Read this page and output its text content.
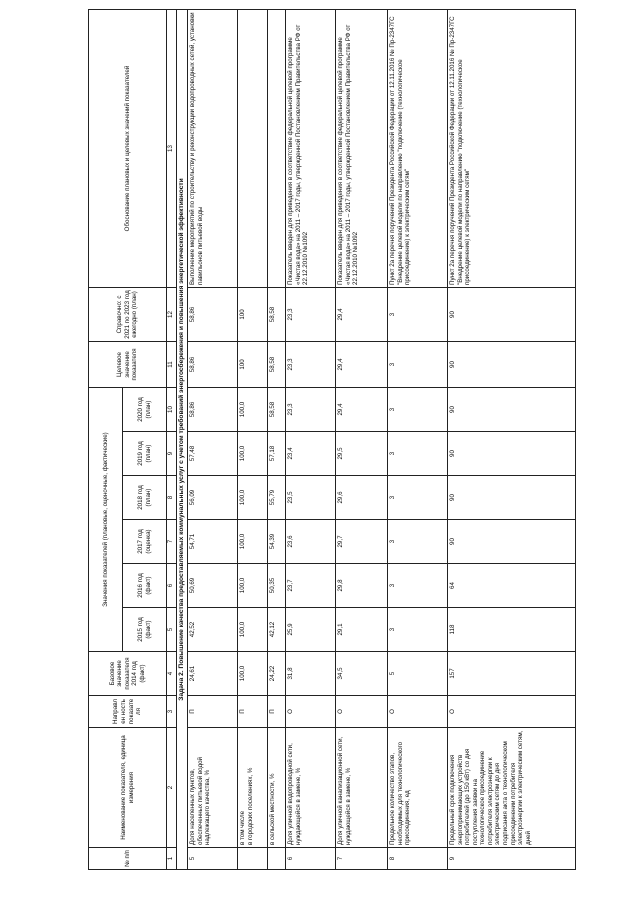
№ п/п	Наименование показателя, единица измерения	Направлен ность показателя	Базовое значение показателя 2014 год (факт)	Значения показателей (плановые, оценочные, фактические)						Целевое значение показателя	Справочно: с 2021 по 2023 год ежегодно (план)	Обоснование плановых и целевых значений показателей
				2015 год (факт)	2016 год (факт)	2017 год (оценка)	2018 год (план)	2019 год (план)	2020 год (план)			
1	2	3	4	5	6	7	8	9	10	11	12	13
Задача 2. Повышение качества предоставляемых коммунальных услуг с учетом требований энергосбережения и повышения энергетической эффективности												
5	Доля населенных пунктов, обеспеченных питьевой водой надлежащего качества, %	П	24,61	42,52	50,69	54,71	56,09	57,48	58,86	58,86	58,86	Выполнение мероприятий по строительству и реконструкции водопроводных сетей, установки павильонов питьевой воды
	в том числе
в городских поселениях, %	П	100,0	100,0	100,0	100,0	100,0	100,0	100,0	100	100	
	в сельской местности, %	П	24,22	42,12	50,35	54,39	55,79	57,18	58,58	58,58	58,58	
6	Доля уличной водопроводной сети, нуждающейся в замене, %	О	31,8	25,9	23,7	23,6	23,5	23,4	23,3	23,3	23,3	Показатель введен для приведения в соответствие федеральной целевой программе «Чистая вода» на 2011 – 2017 годы, утвержденной Постановлением Правительства РФ от 22.12.2010 №1092
7	Доля уличной канализационной сети, нуждающейся в замене, %	О	34,5	29,1	29,8	29,7	29,6	29,5	29,4	29,4	29,4	Показатель введен для приведения в соответствие федеральной целевой программе «Чистая вода» на 2011 – 2017 годы, утвержденной Постановлением Правительства РФ от 22.12.2010 №1092
8	Предельное количество этапов, необходимых для технологического присоединения, ед	О	5	3	3	3	3	3	3	3	3	Пункт 2а перечня поручений Президента Российской Федерации от 12.11.2016 № Пр-2347ГС "Внедрение целевой модели по направлению "подключение (технологическое присоединение) к электрическим сетям"
9	Предельный срок подключения энергопринимающих устройств потребителей (до 150 кВт) со дня поступления заявки на технологическое присоединение потребителя электроэнергии к электрическим сетям до дня подписания акта о технологическом присоединении потребителя электроэнергии к электрическим сетям, дней	О	157	118	64	90	90	90	90	90	90	Пункт 2а перечня поручений Президента Российской Федерации от 12.11.2016 № Пр-2347ГС "Внедрение целевой модели по направлению "подключение (технологическое присоединение) к электрическим сетям"
